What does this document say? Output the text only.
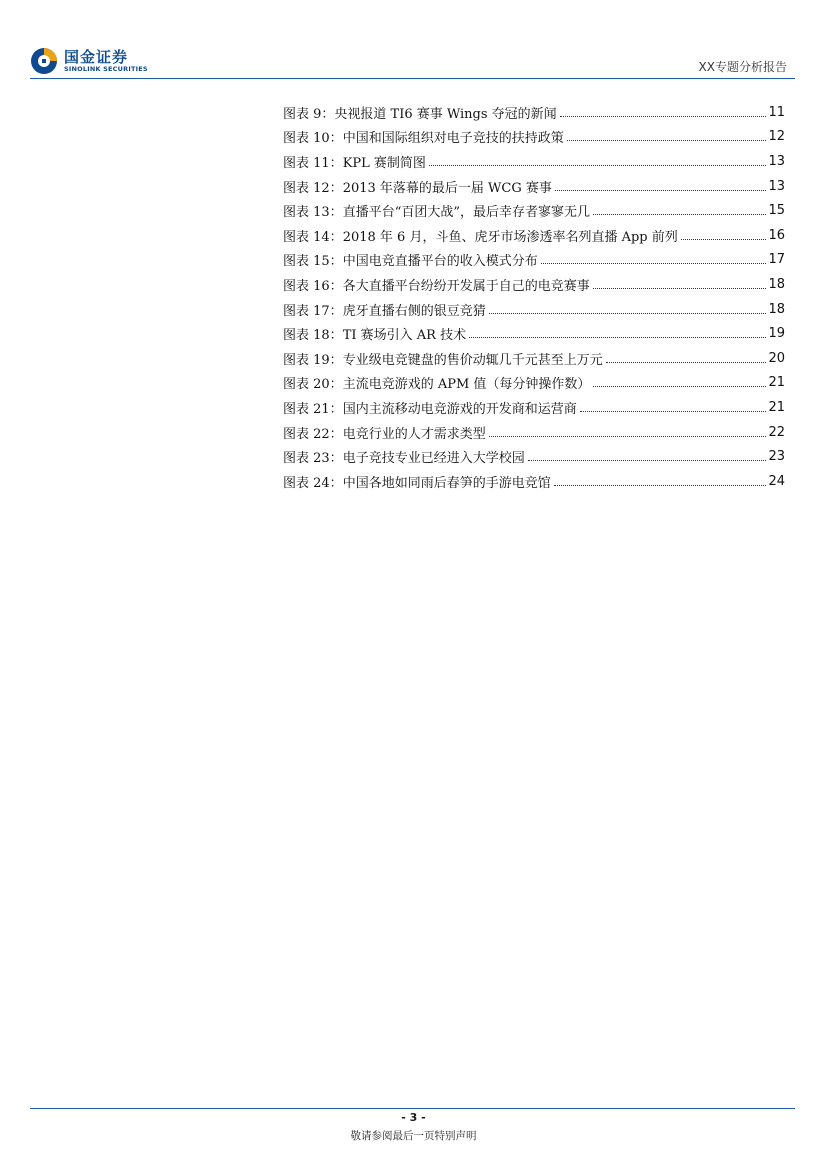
国金证券
SINOLINK SECURITIES	XX专题分析报告
图表 9： 央视报道 TI6 赛事 Wings 夺冠的新闻	11
图表 10： 中国和国际组织对电子竞技的扶持政策	12
图表 11： KPL 赛制简图	13
图表 12： 2013 年落幕的最后一届 WCG 赛事	13
图表 13： 直播平台“百团大战”，最后幸存者寥寥无几	15
图表 14： 2018 年 6 月，斗鱼、虎牙市场渗透率名列直播 App 前列	16
图表 15： 中国电竞直播平台的收入模式分布	17
图表 16： 各大直播平台纷纷开发属于自己的电竞赛事	18
图表 17： 虎牙直播右侧的银豆竞猜	18
图表 18： TI 赛场引入 AR 技术	19
图表 19： 专业级电竞键盘的售价动辄几千元甚至上万元	20
图表 20： 主流电竞游戏的 APM 值（每分钟操作数）	21
图表 21： 国内主流移动电竞游戏的开发商和运营商	21
图表 22： 电竞行业的人才需求类型	22
图表 23： 电子竞技专业已经进入大学校园	23
图表 24： 中国各地如同雨后春笋的手游电竞馆	24
- 3 -
敬请参阅最后一页特别声明
